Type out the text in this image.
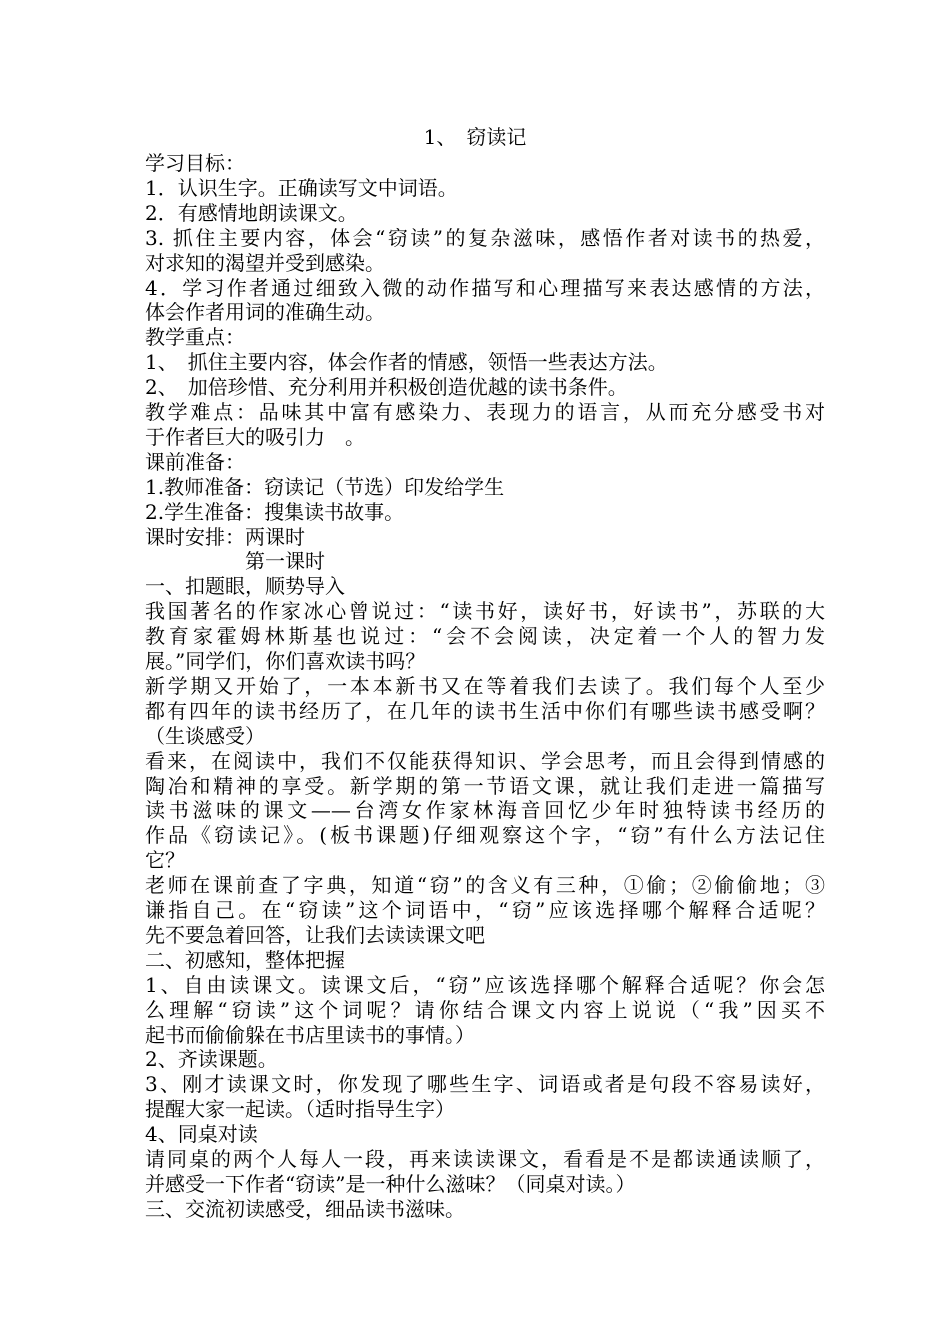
1、　窃读记
学习目标：
1．认识生字。正确读写文中词语。
2．有感情地朗读课文。
3. 抓住主要内容，体会“窃读”的复杂滋味，感悟作者对读书的热爱，
对求知的渴望并受到感染。
4．学习作者通过细致入微的动作描写和心理描写来表达感情的方法，
体会作者用词的准确生动。
教学重点：
1、　抓住主要内容，体会作者的情感，领悟一些表达方法。
2、　加倍珍惜、充分利用并积极创造优越的读书条件。
教学难点：品味其中富有感染力、表现力的语言，从而充分感受书对
于作者巨大的吸引力　。
课前准备：
1.教师准备：窃读记（节选）印发给学生
2.学生准备：搜集读书故事。
课时安排：两课时
　　　　　第一课时
一、扣题眼，顺势导入
我国著名的作家冰心曾说过：“读书好，读好书，好读书”，苏联的大
教育家霍姆林斯基也说过：“会不会阅读，决定着一个人的智力发
展。”同学们，你们喜欢读书吗？
新学期又开始了，一本本新书又在等着我们去读了。我们每个人至少
都有四年的读书经历了，在几年的读书生活中你们有哪些读书感受啊？
（生谈感受）
看来，在阅读中，我们不仅能获得知识、学会思考，而且会得到情感的
陶冶和精神的享受。新学期的第一节语文课，就让我们走进一篇描写
读书滋味的课文——台湾女作家林海音回忆少年时独特读书经历的
作品《窃读记》。(板书课题)仔细观察这个字，“窃”有什么方法记住
它？
老师在课前查了字典，知道“窃”的含义有三种，①偷；②偷偷地；③
谦指自己。在“窃读”这个词语中，“窃”应该选择哪个解释合适呢？
先不要急着回答，让我们去读读课文吧
二、初感知，整体把握
1、自由读课文。读课文后，“窃”应该选择哪个解释合适呢？你会怎
么理解“窃读”这个词呢？请你结合课文内容上说说（“我”因买不
起书而偷偷躲在书店里读书的事情。）
2、齐读课题。
3、刚才读课文时，你发现了哪些生字、词语或者是句段不容易读好，
提醒大家一起读。（适时指导生字）
4、同桌对读
请同桌的两个人每人一段，再来读读课文，看看是不是都读通读顺了，
并感受一下作者“窃读”是一种什么滋味？（同桌对读。）
三、交流初读感受，细品读书滋味。
